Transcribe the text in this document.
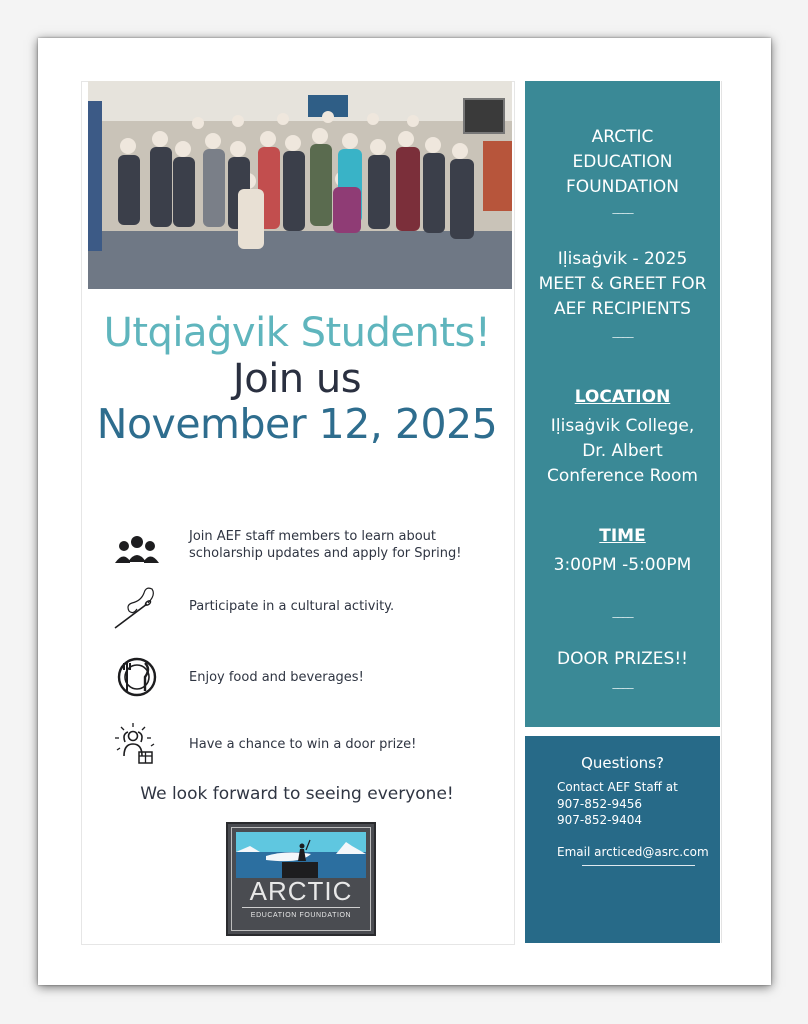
Utqiaġvik Students!
Join us
November 12, 2025
Join AEF staff members to learn about scholarship updates and apply for Spring!
Participate in a cultural activity.
Enjoy food and beverages!
Have a chance to win a door prize!

We look forward to seeing everyone!

ARCTIC
EDUCATION FOUNDATION
ARCTIC
EDUCATION
FOUNDATION
____
Iḷisaġvik - 2025
MEET & GREET FOR
AEF RECIPIENTS
____
LOCATION
Iḷisaġvik College,
Dr. Albert
Conference Room
TIME
3:00PM -5:00PM
____
DOOR PRIZES!!
____
Questions?
Contact AEF Staff at
907-852-9456
907-852-9404
Email arcticed@asrc.com
